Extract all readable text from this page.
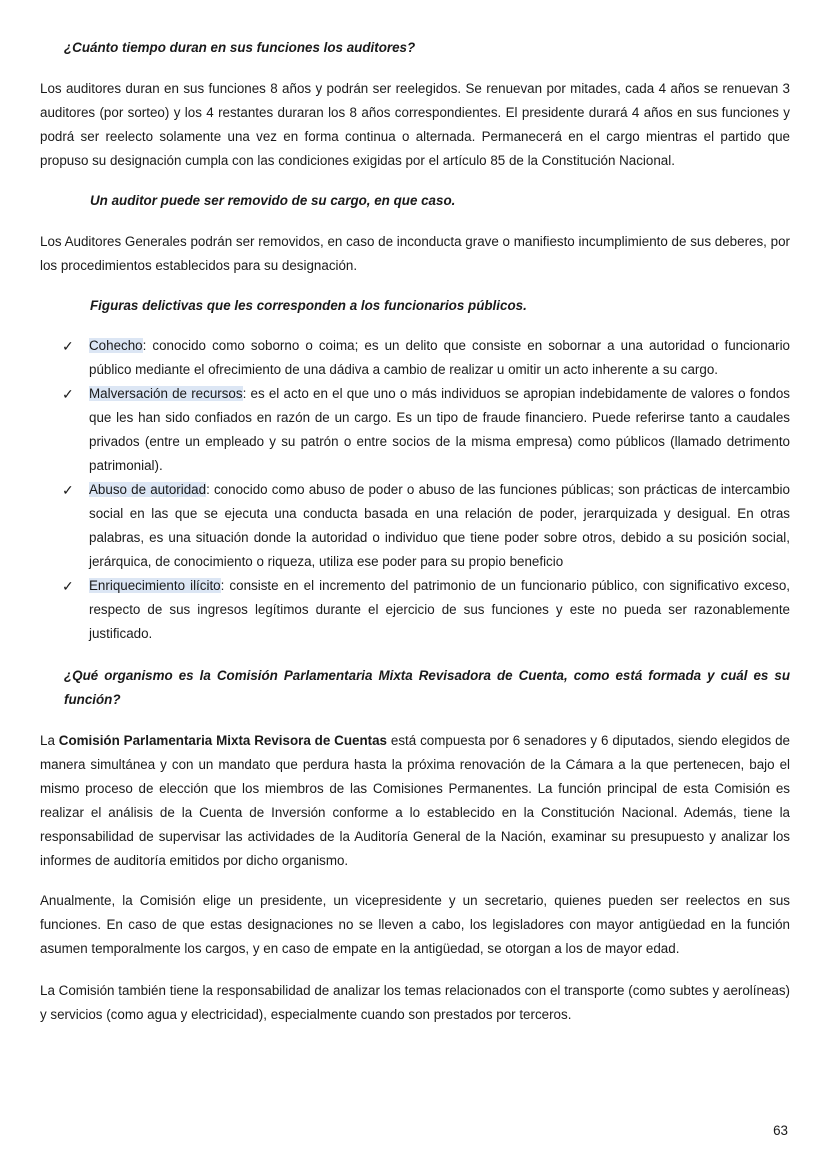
¿Cuánto tiempo duran en sus funciones los auditores?

Los auditores duran en sus funciones 8 años y podrán ser reelegidos. Se renuevan por mitades, cada 4 años se renuevan 3 auditores (por sorteo) y los 4 restantes duraran los 8 años correspondientes. El presidente durará 4 años en sus funciones y podrá ser reelecto solamente una vez en forma continua o alternada. Permanecerá en el cargo mientras el partido que propuso su designación cumpla con las condiciones exigidas por el artículo 85 de la Constitución Nacional.

Un auditor puede ser removido de su cargo, en que caso.

Los Auditores Generales podrán ser removidos, en caso de inconducta grave o manifiesto incumplimiento de sus deberes, por los procedimientos establecidos para su designación.

Figuras delictivas que les corresponden a los funcionarios públicos.
✓	Cohecho: conocido como soborno o coima; es un delito que consiste en sobornar a una autoridad o funcionario público mediante el ofrecimiento de una dádiva a cambio de realizar u omitir un acto inherente a su cargo.
✓	Malversación de recursos: es el acto en el que uno o más individuos se apropian indebidamente de valores o fondos que les han sido confiados en razón de un cargo. Es un tipo de fraude financiero. Puede referirse tanto a caudales privados (entre un empleado y su patrón o entre socios de la misma empresa) como públicos (llamado detrimento patrimonial).
✓	Abuso de autoridad: conocido como abuso de poder o abuso de las funciones públicas; son prácticas de intercambio social en las que se ejecuta una conducta basada en una relación de poder, jerarquizada y desigual. En otras palabras, es una situación donde la autoridad o individuo que tiene poder sobre otros, debido a su posición social, jerárquica, de conocimiento o riqueza, utiliza ese poder para su propio beneficio
✓	Enriquecimiento ilícito: consiste en el incremento del patrimonio de un funcionario público, con significativo exceso, respecto de sus ingresos legítimos durante el ejercicio de sus funciones y este no pueda ser razonablemente justificado.
¿Qué organismo es la Comisión Parlamentaria Mixta Revisadora de Cuenta, como está formada y cuál es su función?

La Comisión Parlamentaria Mixta Revisora de Cuentas está compuesta por 6 senadores y 6 diputados, siendo elegidos de manera simultánea y con un mandato que perdura hasta la próxima renovación de la Cámara a la que pertenecen, bajo el mismo proceso de elección que los miembros de las Comisiones Permanentes. La función principal de esta Comisión es realizar el análisis de la Cuenta de Inversión conforme a lo establecido en la Constitución Nacional. Además, tiene la responsabilidad de supervisar las actividades de la Auditoría General de la Nación, examinar su presupuesto y analizar los informes de auditoría emitidos por dicho organismo.

Anualmente, la Comisión elige un presidente, un vicepresidente y un secretario, quienes pueden ser reelectos en sus funciones. En caso de que estas designaciones no se lleven a cabo, los legisladores con mayor antigüedad en la función asumen temporalmente los cargos, y en caso de empate en la antigüedad, se otorgan a los de mayor edad.

La Comisión también tiene la responsabilidad de analizar los temas relacionados con el transporte (como subtes y aerolíneas) y servicios (como agua y electricidad), especialmente cuando son prestados por terceros.

63
